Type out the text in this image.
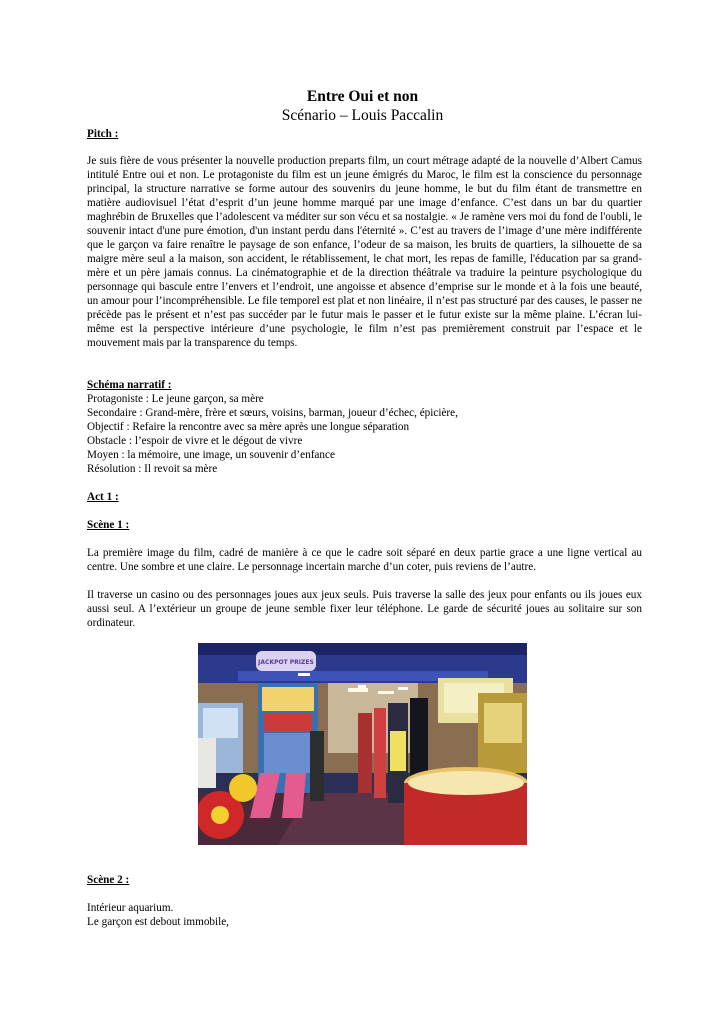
Entre Oui et non
Scénario – Louis Paccalin

Pitch :

Je suis fière de vous présenter la nouvelle production preparts film, un court métrage adapté de la nouvelle d’Albert Camus intitulé Entre oui et non. Le protagoniste du film est un jeune émigrés du Maroc, le film est la conscience du personnage principal, la structure narrative se forme autour des souvenirs du jeune homme, le but du film étant de transmettre en matière audiovisuel l’état d’esprit d’un jeune homme marqué par une image d’enfance. C’est dans un bar du quartier maghrébin de Bruxelles que l’adolescent va méditer sur son vécu et sa nostalgie. « Je ramène vers moi du fond de l'oubli, le souvenir intact d'une pure émotion, d'un instant perdu dans l'éternité ». C’est au travers de l’image d’une mère indifférente que le garçon va faire renaître le paysage de son enfance, l’odeur de sa maison, les bruits de quartiers, la silhouette de sa maigre mère seul a la maison, son accident, le rétablissement, le chat mort, les repas de famille, l'éducation par sa grand-mère et un père jamais connus. La cinématographie et de la direction théâtrale va traduire la peinture psychologique du personnage qui bascule entre l’envers et l’endroit, une angoisse et absence d’emprise sur le monde et à la fois une beauté, un amour pour l’incompréhensible. Le file temporel est plat et non linéaire, il n’est pas structuré par des causes, le passer ne précède pas le présent et n’est pas succéder par le futur mais le passer et le futur existe sur la même plaine. L’écran lui-même est la perspective intérieure d’une psychologie, le film n’est pas premièrement construit par l’espace et le mouvement mais par la transparence du temps.

Schéma narratif :

Protagoniste : Le jeune garçon, sa mère
Secondaire : Grand-mère, frère et sœurs, voisins, barman, joueur d’échec, épicière,
Objectif : Refaire la rencontre avec sa mère après une longue séparation
Obstacle : l’espoir de vivre et le dégout de vivre
Moyen : la mémoire, une image, un souvenir d’enfance
Résolution : Il revoit sa mère

Act 1 :

Scène 1 :

La première image du film, cadré de manière à ce que le cadre soit séparé en deux partie grace a une ligne vertical au centre. Une sombre et une claire. Le personnage incertain marche d’un coter, puis reviens de l’autre.

Il traverse un casino ou des personnages joues aux jeux seuls. Puis traverse la salle des jeux pour enfants ou ils joues eux aussi seul. A l’extérieur un groupe de jeune semble fixer leur téléphone. Le garde de sécurité joues au solitaire sur son ordinateur.

JACKPOT PRIZES

Scène 2 :

Intérieur aquarium.
Le garçon est debout immobile,
